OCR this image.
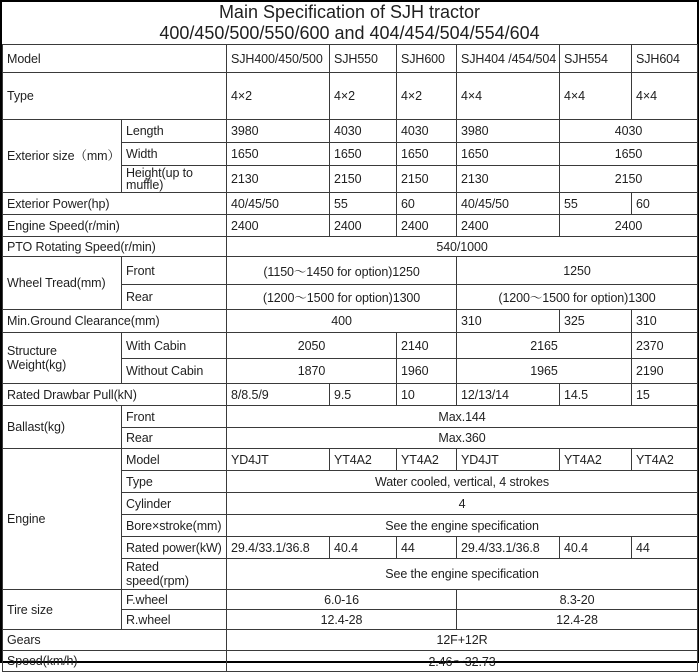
Main Specification of SJH tractor
400/450/500/550/600 and 404/454/504/554/604
Model		SJH400/450/500	SJH550	SJH600	SJH404 /454/504	SJH554	SJH604
Type		4×2	4×2	4×2	4×4	4×4	4×4
Exterior size（mm）	Length	3980	4030	4030	3980	4030	
	Width	1650	1650	1650	1650	1650	
	Height(up to muffle)	2130	2150	2150	2130	2150	
Exterior Power(hp)		40/45/50	55	60	40/45/50	55	60
Engine Speed(r/min)		2400	2400	2400	2400	2400	
PTO Rotating Speed(r/min)		540/1000					
Wheel Tread(mm)	Front	(1150～1450 for option)1250			1250		
	Rear	(1200～1500 for option)1300			(1200～1500 for option)1300		
Min.Ground Clearance(mm)		400			310	325	310
Structure Weight(kg)	With Cabin	2050		2140	2165		2370
	Without Cabin	1870		1960	1965		2190
Rated Drawbar Pull(kN)		8/8.5/9	9.5	10	12/13/14	14.5	15
Ballast(kg)	Front	Max.144					
	Rear	Max.360					
Engine	Model	YD4JT	YT4A2	YT4A2	YD4JT	YT4A2	YT4A2
	Type	Water cooled, vertical, 4 strokes					
	Cylinder	4					
	Bore×stroke(mm)	See the engine specification					
	Rated power(kW)	29.4/33.1/36.8	40.4	44	29.4/33.1/36.8	40.4	44
	Rated speed(rpm)	See the engine specification					
Tire size	F.wheel	6.0-16			8.3-20		
	R.wheel	12.4-28			12.4-28		
Gears		12F+12R					
Speed(km/h)		2.46～32.73					
